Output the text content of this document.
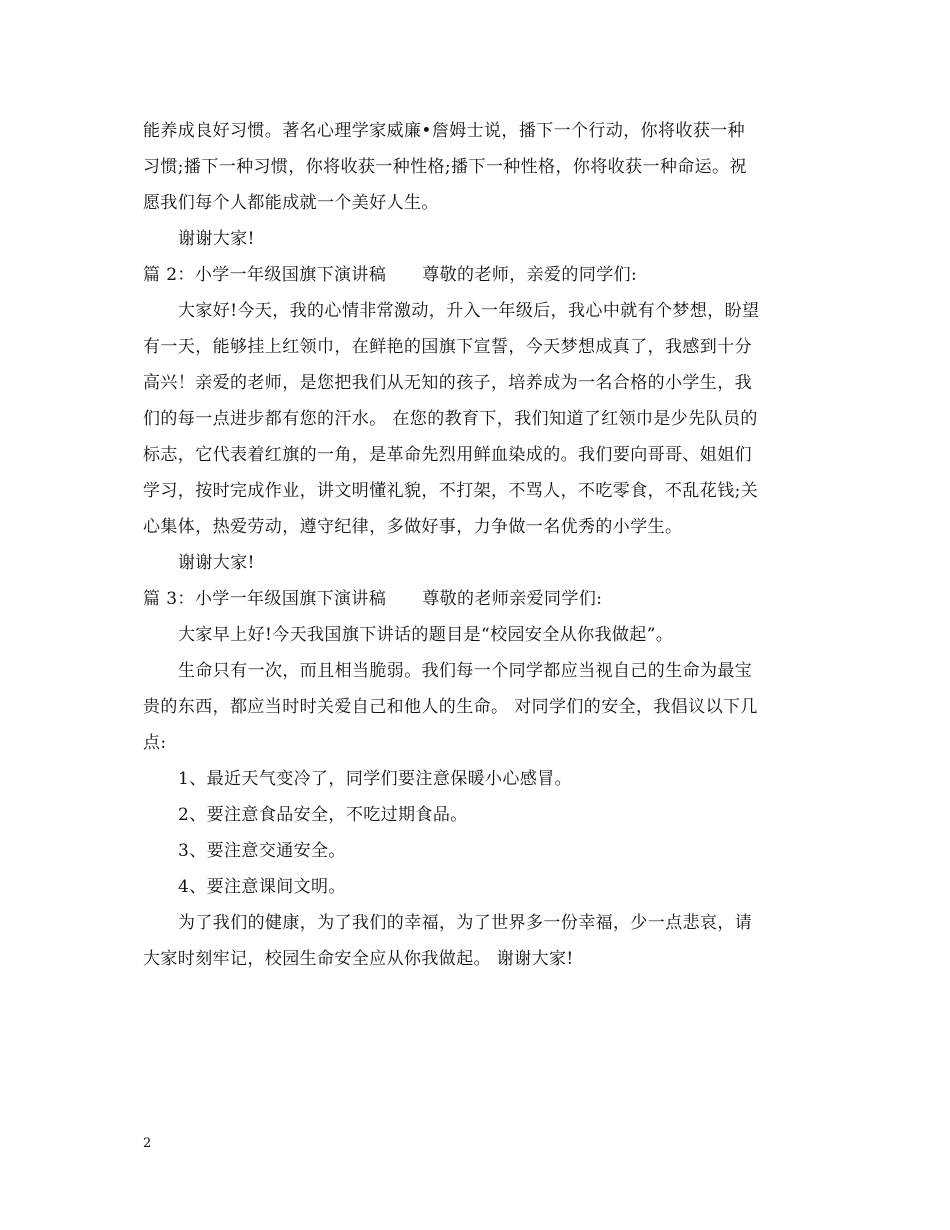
能养成良好习惯。著名心理学家威廉•詹姆士说，播下一个行动，你将收获一种
习惯;播下一种习惯，你将收获一种性格;播下一种性格，你将收获一种命运。祝
愿我们每个人都能成就一个美好人生。
谢谢大家!
篇 2：小学一年级国旗下演讲稿 尊敬的老师，亲爱的同学们:
大家好!今天，我的心情非常激动，升入一年级后，我心中就有个梦想，盼望
有一天，能够挂上红领巾，在鲜艳的国旗下宣誓，今天梦想成真了，我感到十分
高兴！亲爱的老师，是您把我们从无知的孩子，培养成为一名合格的小学生，我
们的每一点进步都有您的汗水。 在您的教育下，我们知道了红领巾是少先队员的
标志，它代表着红旗的一角，是革命先烈用鲜血染成的。我们要向哥哥、姐姐们
学习，按时完成作业，讲文明懂礼貌，不打架，不骂人，不吃零食，不乱花钱;关
心集体，热爱劳动，遵守纪律，多做好事，力争做一名优秀的小学生。
谢谢大家!
篇 3：小学一年级国旗下演讲稿 尊敬的老师亲爱同学们:
大家早上好!今天我国旗下讲话的题目是“校园安全从你我做起”。
生命只有一次，而且相当脆弱。我们每一个同学都应当视自己的生命为最宝
贵的东西，都应当时时关爱自己和他人的生命。 对同学们的安全，我倡议以下几
点:
1、最近天气变冷了，同学们要注意保暖小心感冒。
2、要注意食品安全，不吃过期食品。
3、要注意交通安全。
4、要注意课间文明。
为了我们的健康，为了我们的幸福，为了世界多一份幸福，少一点悲哀，请
大家时刻牢记，校园生命安全应从你我做起。 谢谢大家!
2
